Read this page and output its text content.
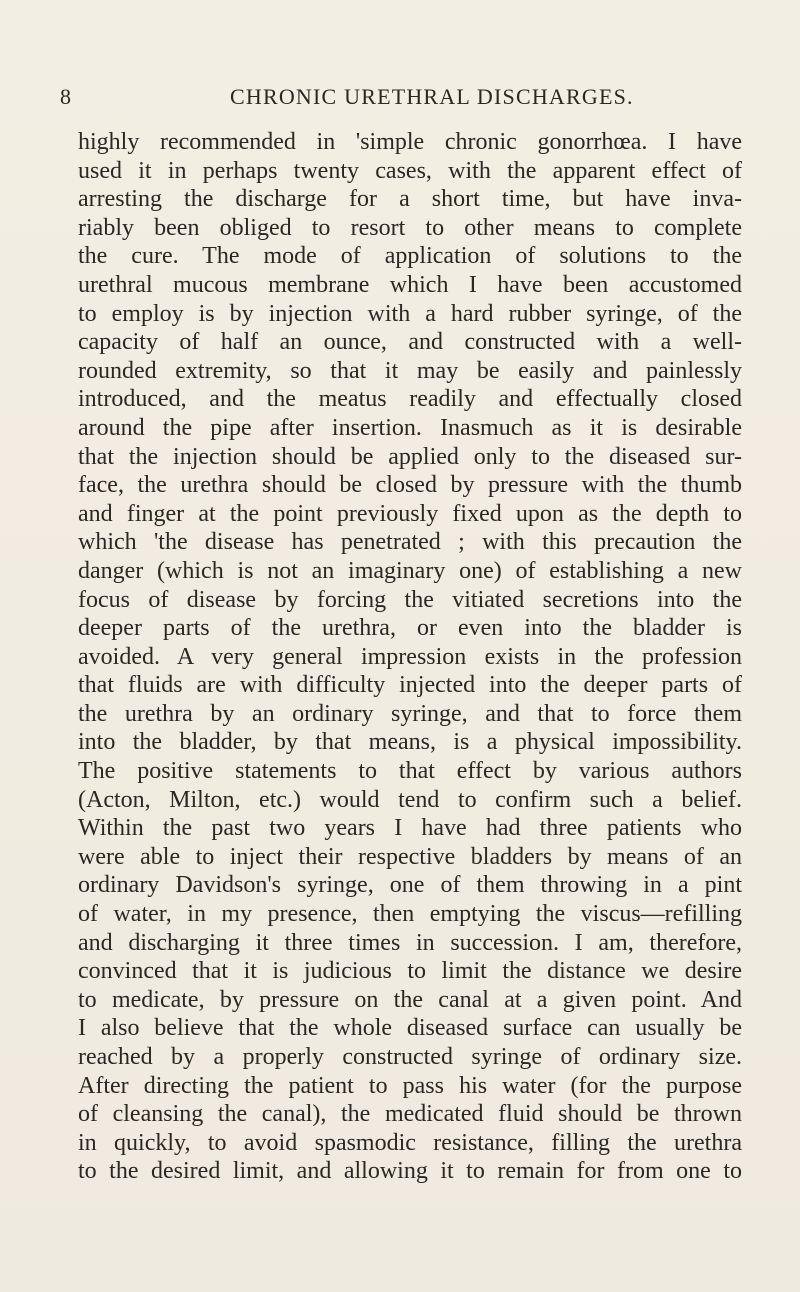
8	CHRONIC URETHRAL DISCHARGES.
highly recommended in 'simple chronic gonorrhœa. I have
used it in perhaps twenty cases, with the apparent effect of
arresting the discharge for a short time, but have inva-
riably been obliged to resort to other means to complete
the cure. The mode of application of solutions to the
urethral mucous membrane which I have been accustomed
to employ is by injection with a hard rubber syringe, of the
capacity of half an ounce, and constructed with a well-
rounded extremity, so that it may be easily and painlessly
introduced, and the meatus readily and effectually closed
around the pipe after insertion. Inasmuch as it is desirable
that the injection should be applied only to the diseased sur-
face, the urethra should be closed by pressure with the thumb
and finger at the point previously fixed upon as the depth to
which 'the disease has penetrated ; with this precaution the
danger (which is not an imaginary one) of establishing a new
focus of disease by forcing the vitiated secretions into the
deeper parts of the urethra, or even into the bladder is
avoided. A very general impression exists in the profession
that fluids are with difficulty injected into the deeper parts of
the urethra by an ordinary syringe, and that to force them
into the bladder, by that means, is a physical impossibility.
The positive statements to that effect by various authors
(Acton, Milton, etc.) would tend to confirm such a belief.
Within the past two years I have had three patients who
were able to inject their respective bladders by means of an
ordinary Davidson's syringe, one of them throwing in a pint
of water, in my presence, then emptying the viscus—refilling
and discharging it three times in succession. I am, therefore,
convinced that it is judicious to limit the distance we desire
to medicate, by pressure on the canal at a given point. And
I also believe that the whole diseased surface can usually be
reached by a properly constructed syringe of ordinary size.
After directing the patient to pass his water (for the purpose
of cleansing the canal), the medicated fluid should be thrown
in quickly, to avoid spasmodic resistance, filling the urethra
to the desired limit, and allowing it to remain for from one to
